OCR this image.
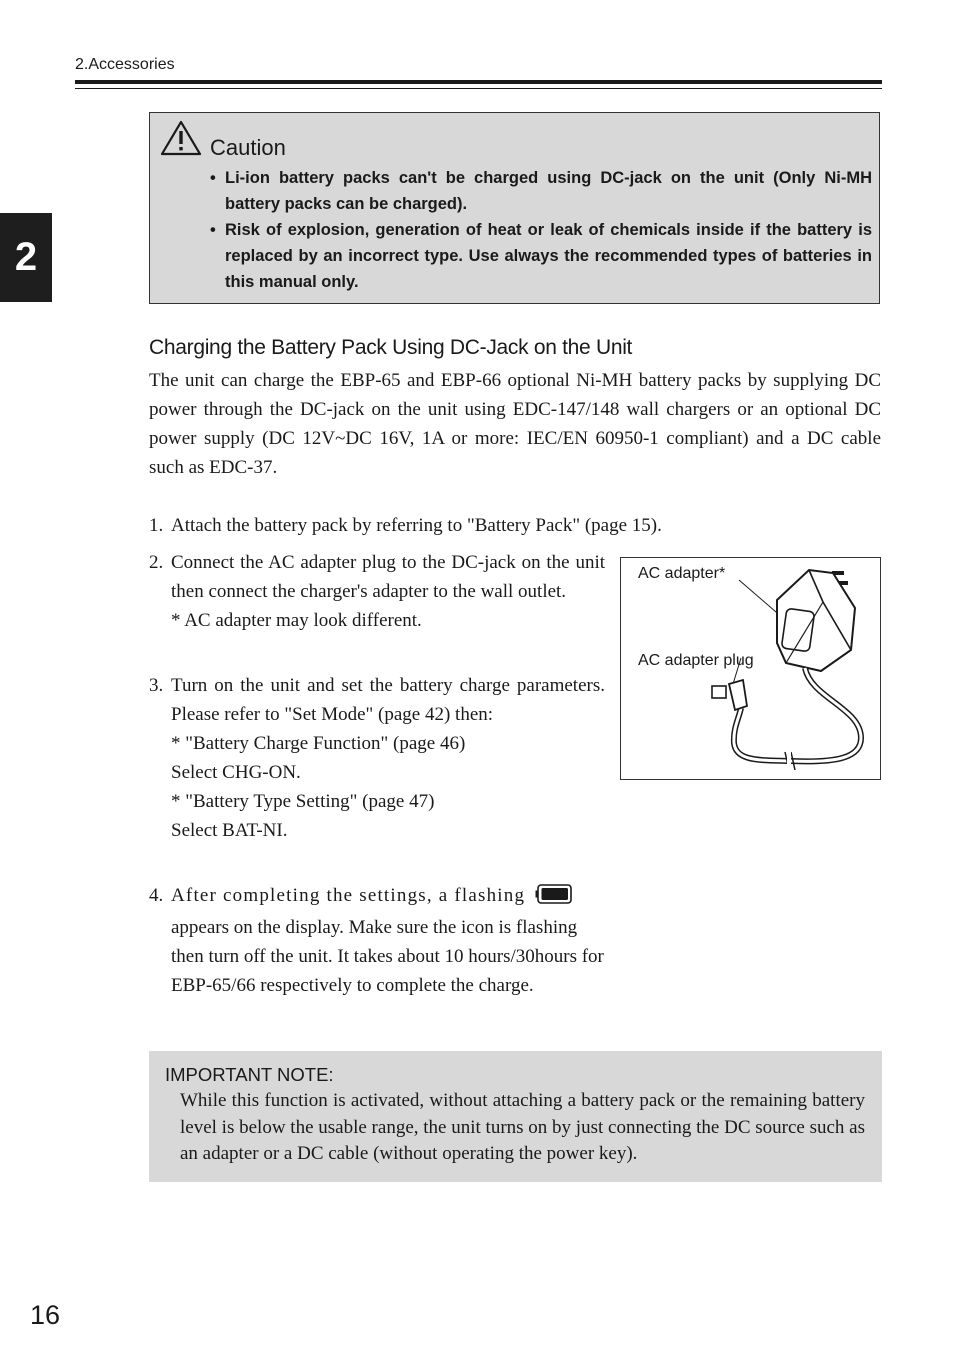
2.Accessories
2
Caution
• Li-ion battery packs can't be charged using DC-jack on the unit (Only Ni-MH battery packs can be charged).
• Risk of explosion, generation of heat or leak of chemicals inside if the battery is replaced by an incorrect type. Use always the recommended types of batteries in this manual only.
Charging the Battery Pack Using DC-Jack on the Unit
The unit can charge the EBP-65 and EBP-66 optional Ni-MH battery packs by supplying DC power through the DC-jack on the unit using EDC-147/148 wall chargers or an optional DC power supply (DC 12V~DC 16V, 1A or more: IEC/EN 60950-1 compliant) and a DC cable such as EDC-37.
1. Attach the battery pack by referring to "Battery Pack" (page 15).
2. Connect the AC adapter plug to the DC-jack on the unit then connect the charger's adapter to the wall outlet.
* AC adapter may look different.
3. Turn on the unit and set the battery charge parameters. Please refer to "Set Mode" (page 42) then:
* "Battery Charge Function" (page 46)
Select CHG-ON.
* "Battery Type Setting" (page 47)
Select BAT-NI.
4. After completing the settings, a flashing appears on the display. Make sure the icon is flashing then turn off the unit. It takes about 10 hours/30hours for EBP-65/66 respectively to complete the charge.
AC adapter*
AC adapter plug
IMPORTANT NOTE:
While this function is activated, without attaching a battery pack or the remaining battery level is below the usable range, the unit turns on by just connecting the DC source such as an adapter or a DC cable (without operating the power key).
16
